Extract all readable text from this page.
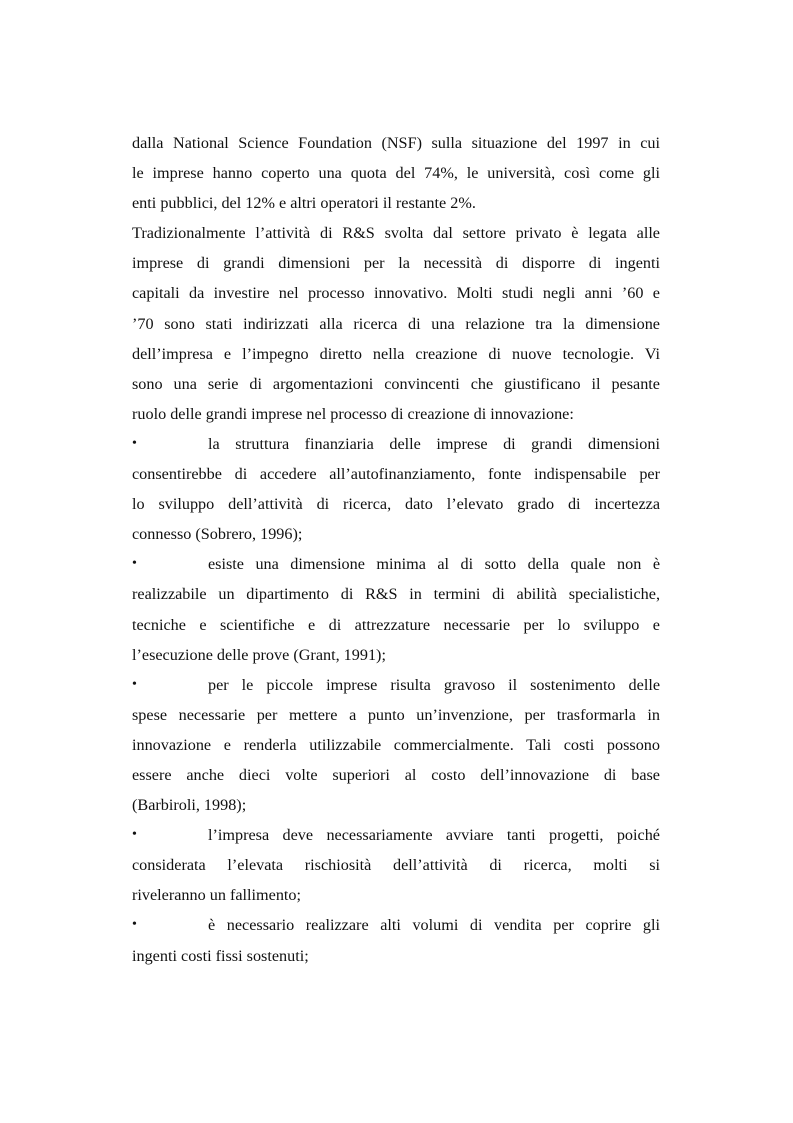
dalla National Science Foundation (NSF) sulla situazione del 1997 in cui
le imprese hanno coperto una quota del 74%, le università, così come gli
enti pubblici, del 12% e altri operatori il restante 2%.
Tradizionalmente l’attività di R&S svolta dal settore privato è legata alle
imprese di grandi dimensioni per la necessità di disporre di ingenti
capitali da investire nel processo innovativo. Molti studi negli anni ’60 e
’70 sono stati indirizzati alla ricerca di una relazione tra la dimensione
dell’impresa e l’impegno diretto nella creazione di nuove tecnologie. Vi
sono una serie di argomentazioni convincenti che giustificano il pesante
ruolo delle grandi imprese nel processo di creazione di innovazione:
•	la struttura finanziaria delle imprese di grandi dimensioni
consentirebbe di accedere all’autofinanziamento, fonte indispensabile per
lo sviluppo dell’attività di ricerca, dato l’elevato grado di incertezza
connesso (Sobrero, 1996);
•	esiste una dimensione minima al di sotto della quale non è
realizzabile un dipartimento di R&S in termini di abilità specialistiche,
tecniche e scientifiche e di attrezzature necessarie per lo sviluppo e
l’esecuzione delle prove (Grant, 1991);
•	per le piccole imprese risulta gravoso il sostenimento delle
spese necessarie per mettere a punto un’invenzione, per trasformarla in
innovazione e renderla utilizzabile commercialmente. Tali costi possono
essere anche dieci volte superiori al costo dell’innovazione di base
(Barbiroli, 1998);
•	l’impresa deve necessariamente avviare tanti progetti, poiché
considerata l’elevata rischiosità dell’attività di ricerca, molti si
riveleranno un fallimento;
•	è necessario realizzare alti volumi di vendita per coprire gli
ingenti costi fissi sostenuti;
